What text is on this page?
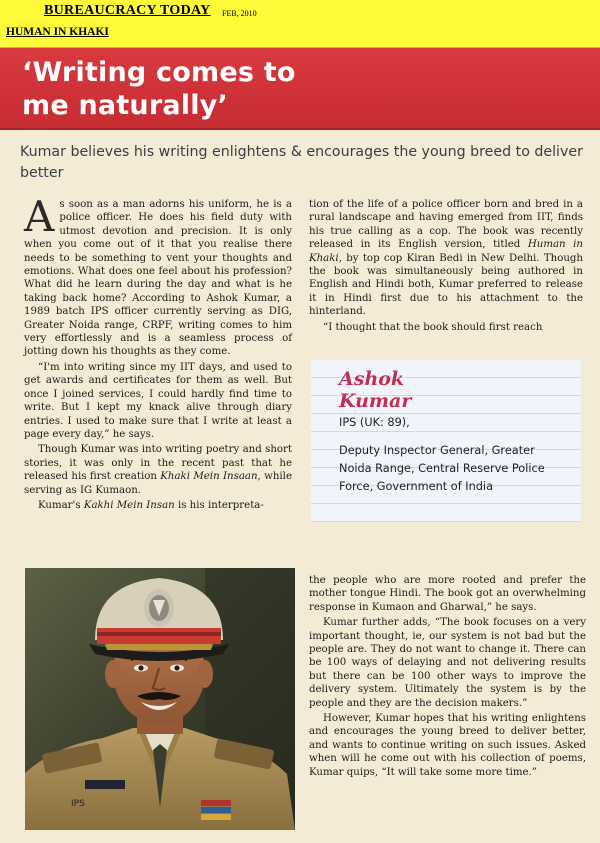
BUREAUCRACY TODAY FEB, 2010
HUMAN IN KHAKI
‘Writing comes to
me naturally’
Kumar believes his writing enlightens & encourages the young breed to deliver better

As soon as a man adorns his uniform, he is a police officer. He does his field duty with utmost devotion and precision. It is only when you come out of it that you realise there needs to be something to vent your thoughts and emotions. What does one feel about his profession? What did he learn during the day and what is he taking back home? According to Ashok Kumar, a 1989 batch IPS officer currently serving as DIG, Greater Noida range, CRPF, writing comes to him very effortlessly and is a seamless process of jotting down his thoughts as they come.

“I'm into writing since my IIT days, and used to get awards and certificates for them as well. But once I joined services, I could hardly find time to write. But I kept my knack alive through diary entries. I used to make sure that I write at least a page every day,” he says.

Though Kumar was into writing poetry and short stories, it was only in the recent past that he released his first creation Khaki Mein Insaan, while serving as IG Kumaon.

Kumar's Kakhi Mein Insan is his interpreta-

tion of the life of a police officer born and bred in a rural landscape and having emerged from IIT, finds his true calling as a cop. The book was recently released in its English version, titled Human in Khaki, by top cop Kiran Bedi in New Delhi. Though the book was simultaneously being authored in English and Hindi both, Kumar preferred to release it in Hindi first due to his attachment to the hinterland.

“I thought that the book should first reach

Ashok
Kumar
IPS (UK: 89),
Deputy Inspector General, Greater Noida Range, Central Reserve Police Force, Government of India
IPS

the people who are more rooted and prefer the mother tongue Hindi. The book got an overwhelming response in Kumaon and Gharwal,” he says.

Kumar further adds, “The book focuses on a very important thought, ie, our system is not bad but the people are. They do not want to change it. There can be 100 ways of delaying and not delivering results but there can be 100 other ways to improve the delivery system. Ultimately the system is by the people and they are the decision makers.”

However, Kumar hopes that his writing enlightens and encourages the young breed to deliver better, and wants to continue writing on such issues. Asked when will he come out with his collection of poems, Kumar quips, “It will take some more time.”
